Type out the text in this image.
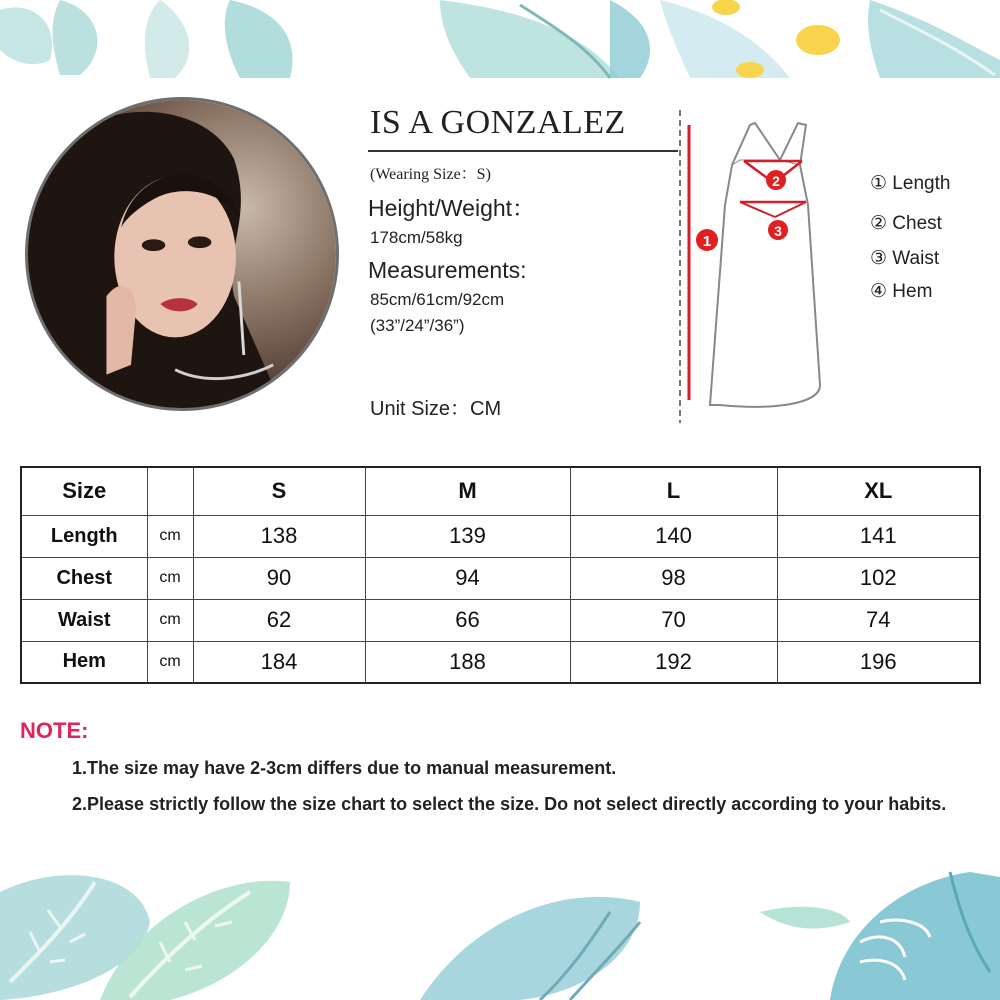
IS A GONZALEZ

(Wearing Size：S)

Height/Weight：

178cm/58kg

Measurements:

85cm/61cm/92cm

(33”/24”/36”)

Unit Size：CM

1
2
3
① Length
② Chest
③ Waist
④ Hem
Size		S	M	L	XL
Length	cm	138	139	140	141
Chest	cm	90	94	98	102
Waist	cm	62	66	70	74
Hem	cm	184	188	192	196

NOTE:

1.The size may have 2-3cm differs due to manual measurement.

2.Please strictly follow the size chart to select the size. Do not select directly according to your habits.
